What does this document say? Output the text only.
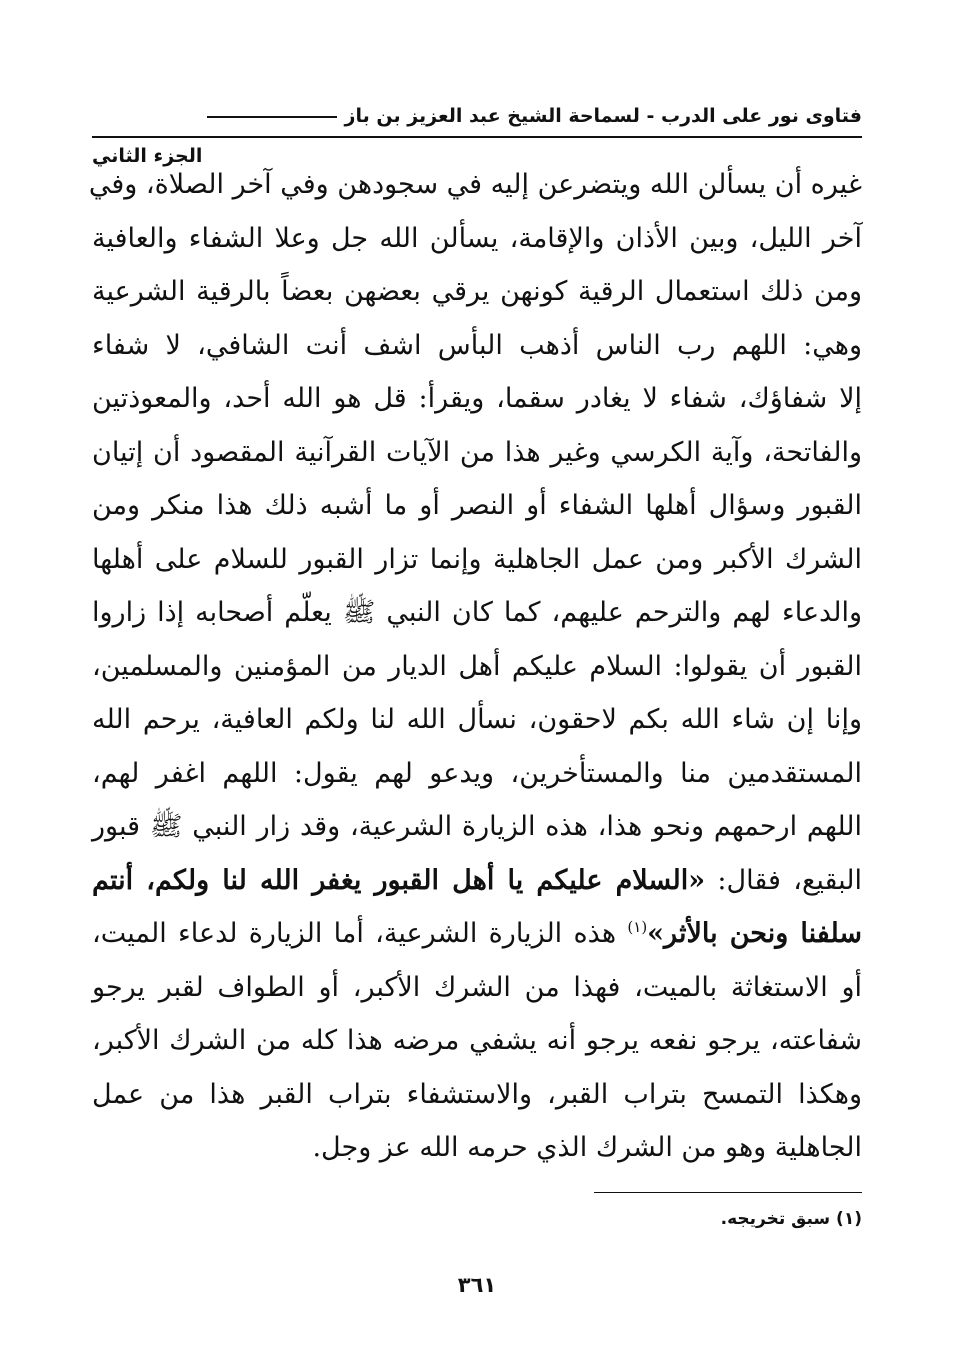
فتاوى نور على الدرب - لسماحة الشيخ عبد العزيز بن باز
الجزء الثاني
غيره أن يسألن الله ويتضرعن إليه في سجودهن وفي آخر الصلاة، وفي
آخر الليل، وبين الأذان والإقامة، يسألن الله جل وعلا الشفاء والعافية
ومن ذلك استعمال الرقية كونهن يرقي بعضهن بعضاً بالرقية الشرعية
وهي: اللهم رب الناس أذهب البأس اشف أنت الشافي، لا شفاء
إلا شفاؤك، شفاء لا يغادر سقما، ويقرأ: قل هو الله أحد، والمعوذتين
والفاتحة، وآية الكرسي وغير هذا من الآيات القرآنية المقصود أن إتيان
القبور وسؤال أهلها الشفاء أو النصر أو ما أشبه ذلك هذا منكر ومن
الشرك الأكبر ومن عمل الجاهلية وإنما تزار القبور للسلام على أهلها
والدعاء لهم والترحم عليهم، كما كان النبي ﷺ يعلّم أصحابه إذا زاروا
القبور أن يقولوا: السلام عليكم أهل الديار من المؤمنين والمسلمين،
وإنا إن شاء الله بكم لاحقون، نسأل الله لنا ولكم العافية، يرحم الله
المستقدمين منا والمستأخرين، ويدعو لهم يقول: اللهم اغفر لهم،
اللهم ارحمهم ونحو هذا، هذه الزيارة الشرعية، وقد زار النبي ﷺ قبور
البقيع، فقال: «السلام عليكم يا أهل القبور يغفر الله لنا ولكم، أنتم
سلفنا ونحن بالأثر»$^{(١)}$ هذه الزيارة الشرعية، أما الزيارة لدعاء الميت،
أو الاستغاثة بالميت، فهذا من الشرك الأكبر، أو الطواف لقبر يرجو
شفاعته، يرجو نفعه يرجو أنه يشفي مرضه هذا كله من الشرك الأكبر،
وهكذا التمسح بتراب القبر، والاستشفاء بتراب القبر هذا من عمل
الجاهلية وهو من الشرك الذي حرمه الله عز وجل.
(١) سبق تخريجه.
٣٦١
